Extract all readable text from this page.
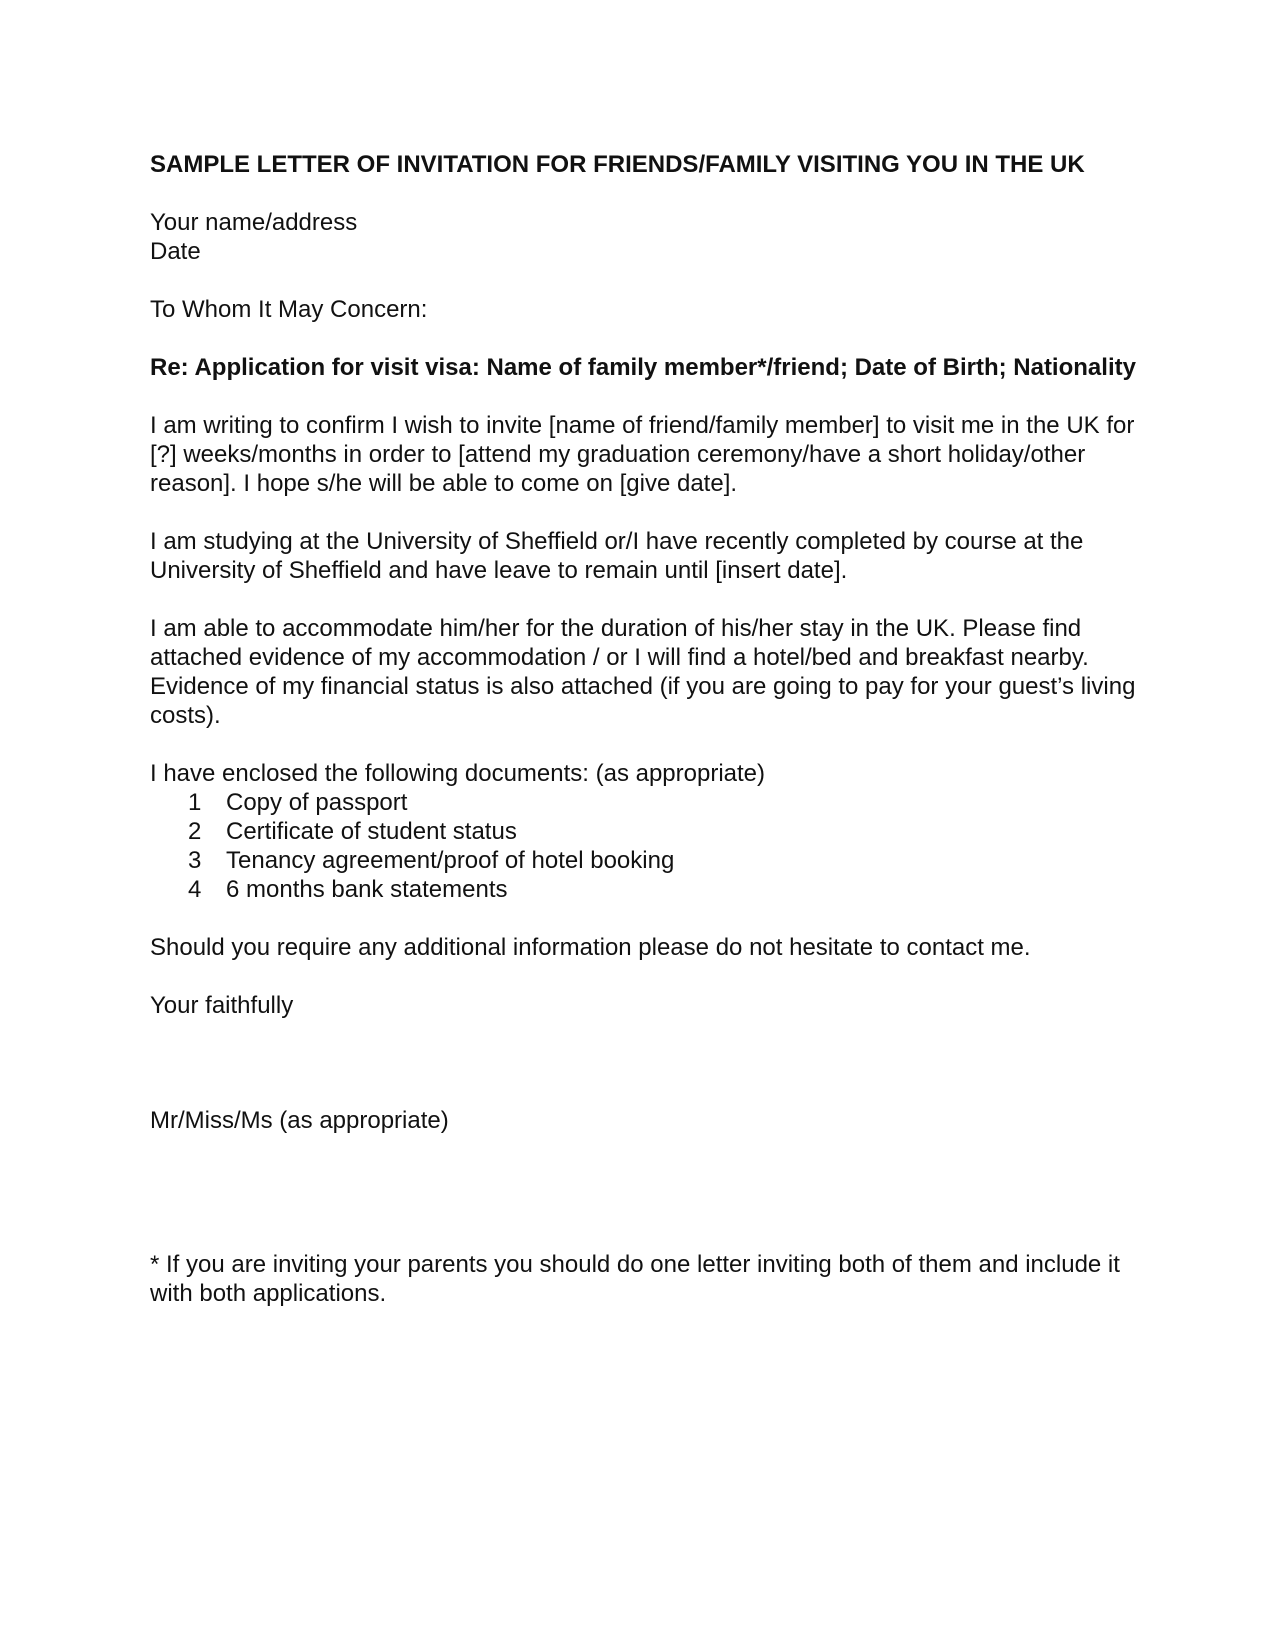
SAMPLE LETTER OF INVITATION FOR FRIENDS/FAMILY VISITING YOU IN THE UK

Your name/address

Date

To Whom It May Concern:

Re: Application for visit visa: Name of family member*/friend; Date of Birth; Nationality

I am writing to confirm I wish to invite [name of friend/family member] to visit me in the UK for [?] weeks/months in order to [attend my graduation ceremony/have a short holiday/other reason]. I hope s/he will be able to come on [give date].

I am studying at the University of Sheffield or/I have recently completed by course at the University of Sheffield and have leave to remain until [insert date].

I am able to accommodate him/her for the duration of his/her stay in the UK. Please find attached evidence of my accommodation / or I will find a hotel/bed and breakfast nearby. Evidence of my financial status is also attached (if you are going to pay for your guest’s living costs).

I have enclosed the following documents: (as appropriate)

1	Copy of passport
2	Certificate of student status
3	Tenancy agreement/proof of hotel booking
4	6 months bank statements

Should you require any additional information please do not hesitate to contact me.

Your faithfully

Mr/Miss/Ms (as appropriate)

* If you are inviting your parents you should do one letter inviting both of them and include it with both applications.
